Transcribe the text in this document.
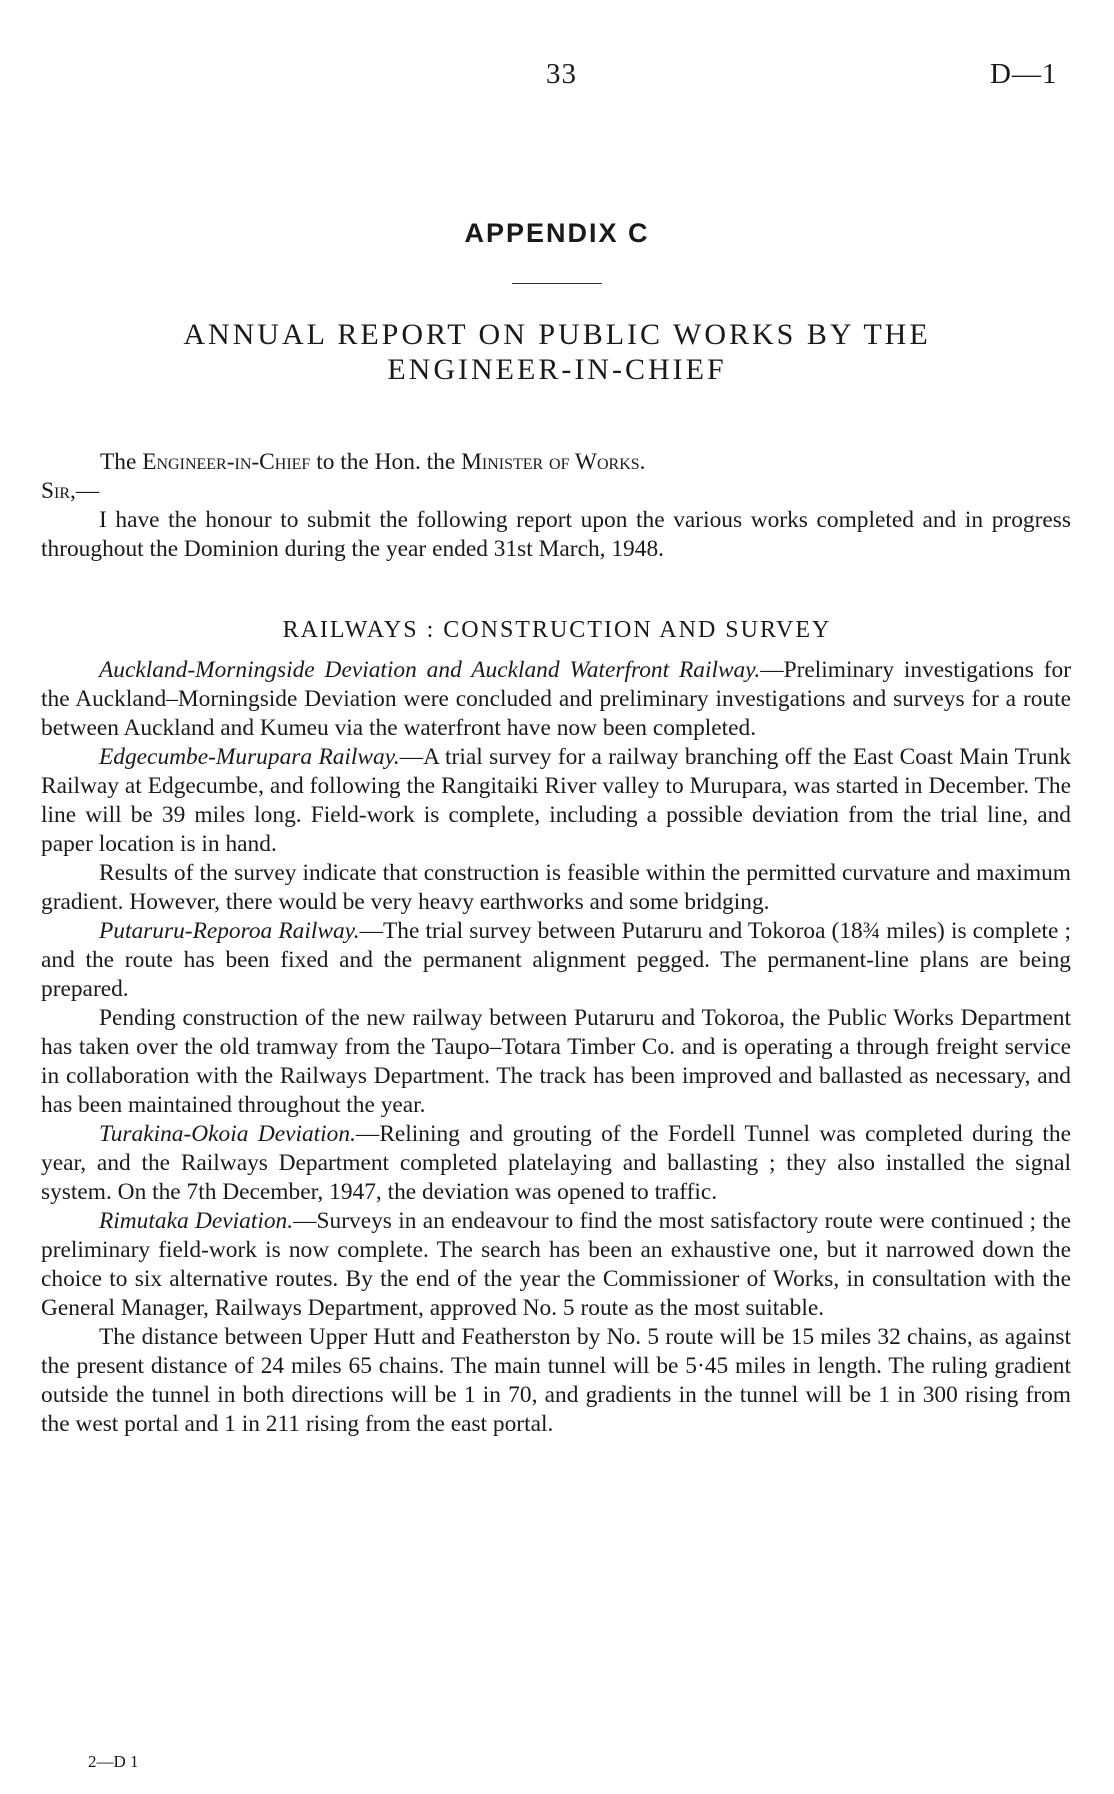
33	D—1
APPENDIX C
ANNUAL REPORT ON PUBLIC WORKS BY THE ENGINEER-IN-CHIEF
The Engineer-in-Chief to the Hon. the Minister of Works.
Sir,—

I have the honour to submit the following report upon the various works completed and in progress throughout the Dominion during the year ended 31st March, 1948.

RAILWAYS : CONSTRUCTION AND SURVEY

Auckland-Morningside Deviation and Auckland Waterfront Railway.—Preliminary investigations for the Auckland–Morningside Deviation were concluded and preliminary investigations and surveys for a route between Auckland and Kumeu via the waterfront have now been completed.

Edgecumbe-Murupara Railway.—A trial survey for a railway branching off the East Coast Main Trunk Railway at Edgecumbe, and following the Rangitaiki River valley to Murupara, was started in December. The line will be 39 miles long. Field-work is complete, including a possible deviation from the trial line, and paper location is in hand.

Results of the survey indicate that construction is feasible within the permitted curvature and maximum gradient. However, there would be very heavy earthworks and some bridging.

Putaruru-Reporoa Railway.—The trial survey between Putaruru and Tokoroa (18¾ miles) is complete ; and the route has been fixed and the permanent alignment pegged. The permanent-line plans are being prepared.

Pending construction of the new railway between Putaruru and Tokoroa, the Public Works Department has taken over the old tramway from the Taupo–Totara Timber Co. and is operating a through freight service in collaboration with the Railways Department. The track has been improved and ballasted as necessary, and has been maintained throughout the year.

Turakina-Okoia Deviation.—Relining and grouting of the Fordell Tunnel was completed during the year, and the Railways Department completed platelaying and ballasting ; they also installed the signal system. On the 7th December, 1947, the deviation was opened to traffic.

Rimutaka Deviation.—Surveys in an endeavour to find the most satisfactory route were continued ; the preliminary field-work is now complete. The search has been an exhaustive one, but it narrowed down the choice to six alternative routes. By the end of the year the Commissioner of Works, in consultation with the General Manager, Railways Department, approved No. 5 route as the most suitable.

The distance between Upper Hutt and Featherston by No. 5 route will be 15 miles 32 chains, as against the present distance of 24 miles 65 chains. The main tunnel will be 5·45 miles in length. The ruling gradient outside the tunnel in both directions will be 1 in 70, and gradients in the tunnel will be 1 in 300 rising from the west portal and 1 in 211 rising from the east portal.

2—D 1
